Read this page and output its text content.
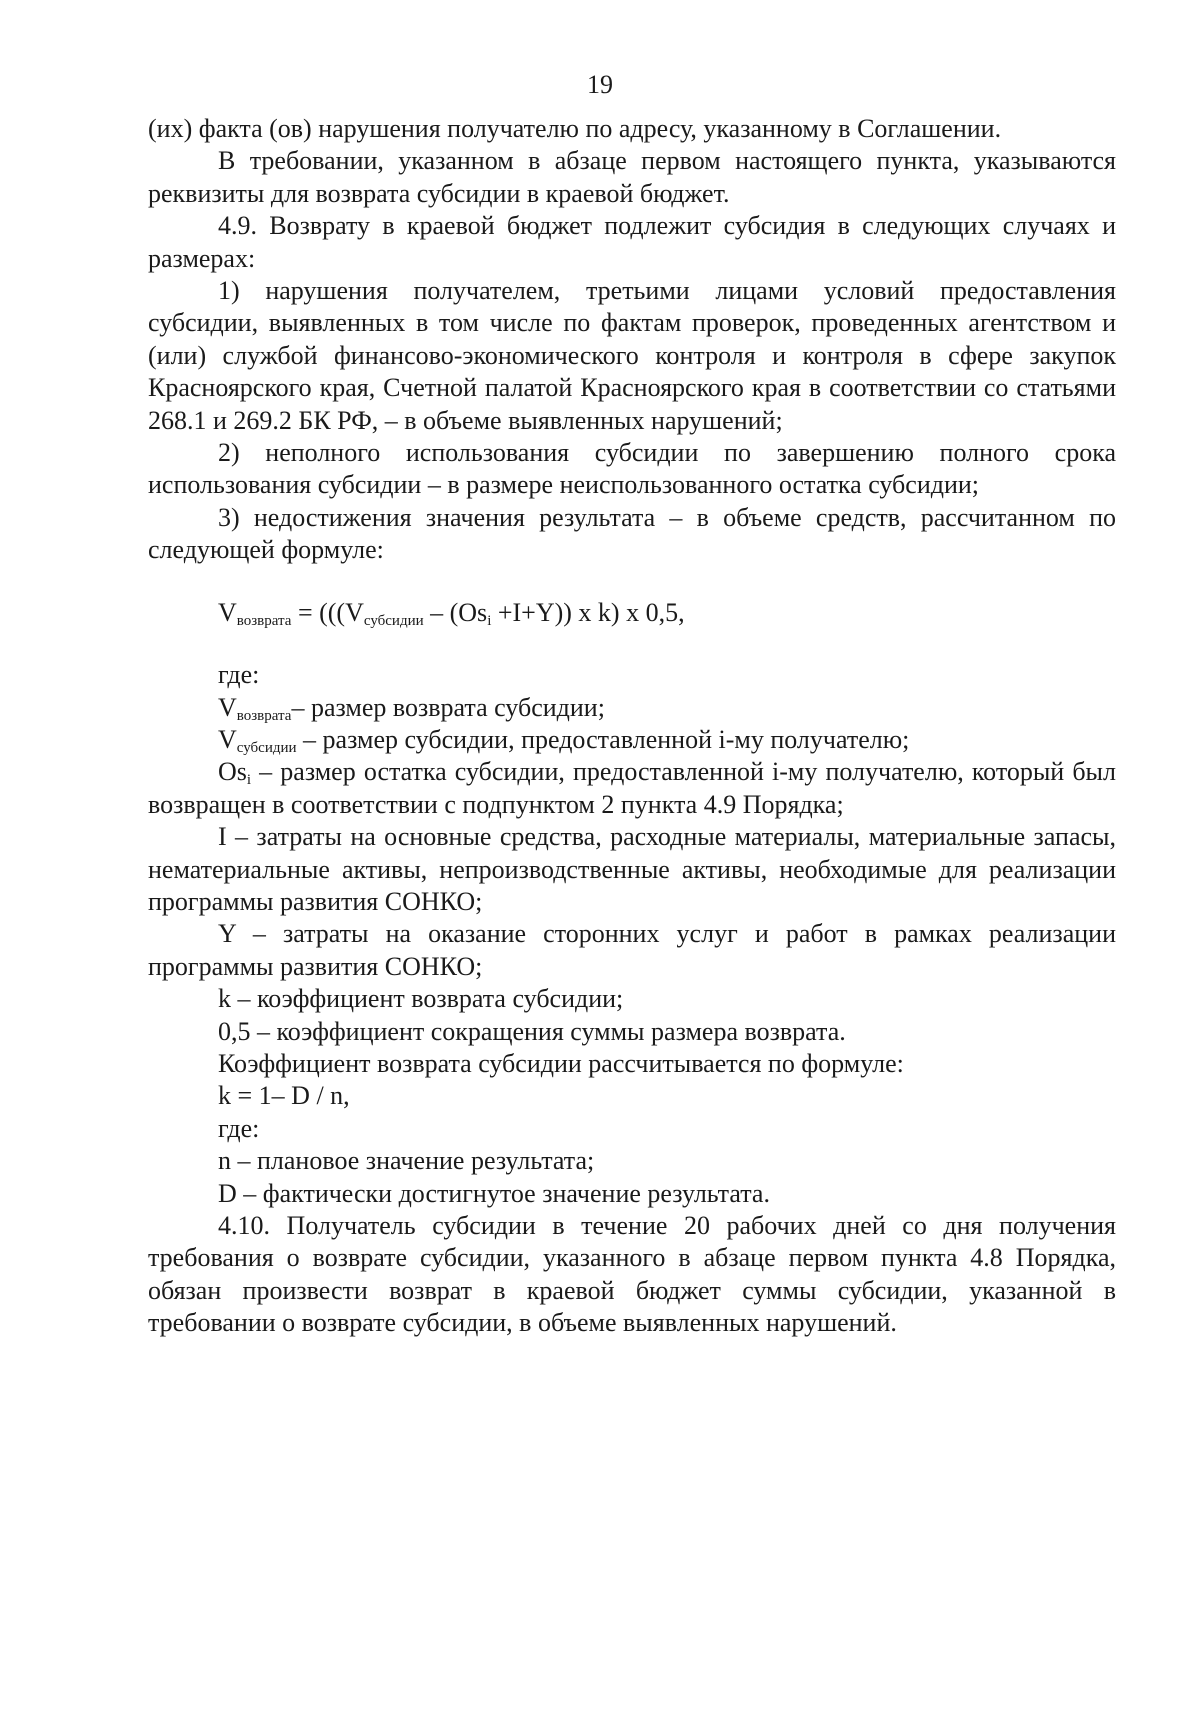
19

(их) факта (ов) нарушения получателю по адресу, указанному в Соглашении.

В требовании, указанном в абзаце первом настоящего пункта, указываются реквизиты для возврата субсидии в краевой бюджет.

4.9. Возврату в краевой бюджет подлежит субсидия в следующих случаях и размерах:

1) нарушения получателем, третьими лицами условий предоставления субсидии, выявленных в том числе по фактам проверок, проведенных агентством и (или) службой финансово-экономического контроля и контроля в сфере закупок Красноярского края, Счетной палатой Красноярского края в соответствии со статьями 268.1 и 269.2 БК РФ, – в объеме выявленных нарушений;

2) неполного использования субсидии по завершению полного срока использования субсидии – в размере неиспользованного остатка субсидии;

3) недостижения значения результата – в объеме средств, рассчитанном по следующей формуле:

$V_{возврата} = (((V_{субсидии} - (Os_i +I+Y))$ x k) x 0,5,

где:

$V_{возврата}-$ размер возврата субсидии;

$V_{субсидии}$ – размер субсидии, предоставленной i-му получателю;

$Os_i$ – размер остатка субсидии, предоставленной i-му получателю, который был возвращен в соответствии с подпунктом 2 пункта 4.9 Порядка;

I – затраты на основные средства, расходные материалы, материальные запасы, нематериальные активы, непроизводственные активы, необходимые для реализации программы развития СОНКО;

Y – затраты на оказание сторонних услуг и работ в рамках реализации программы развития СОНКО;

k – коэффициент возврата субсидии;

0,5 – коэффициент сокращения суммы размера возврата.

Коэффициент возврата субсидии рассчитывается по формуле:

k = 1– D / n,

где:

n – плановое значение результата;

D – фактически достигнутое значение результата.

4.10. Получатель субсидии в течение 20 рабочих дней со дня получения требования о возврате субсидии, указанного в абзаце первом пункта 4.8 Порядка, обязан произвести возврат в краевой бюджет суммы субсидии, указанной в требовании о возврате субсидии, в объеме выявленных нарушений.
